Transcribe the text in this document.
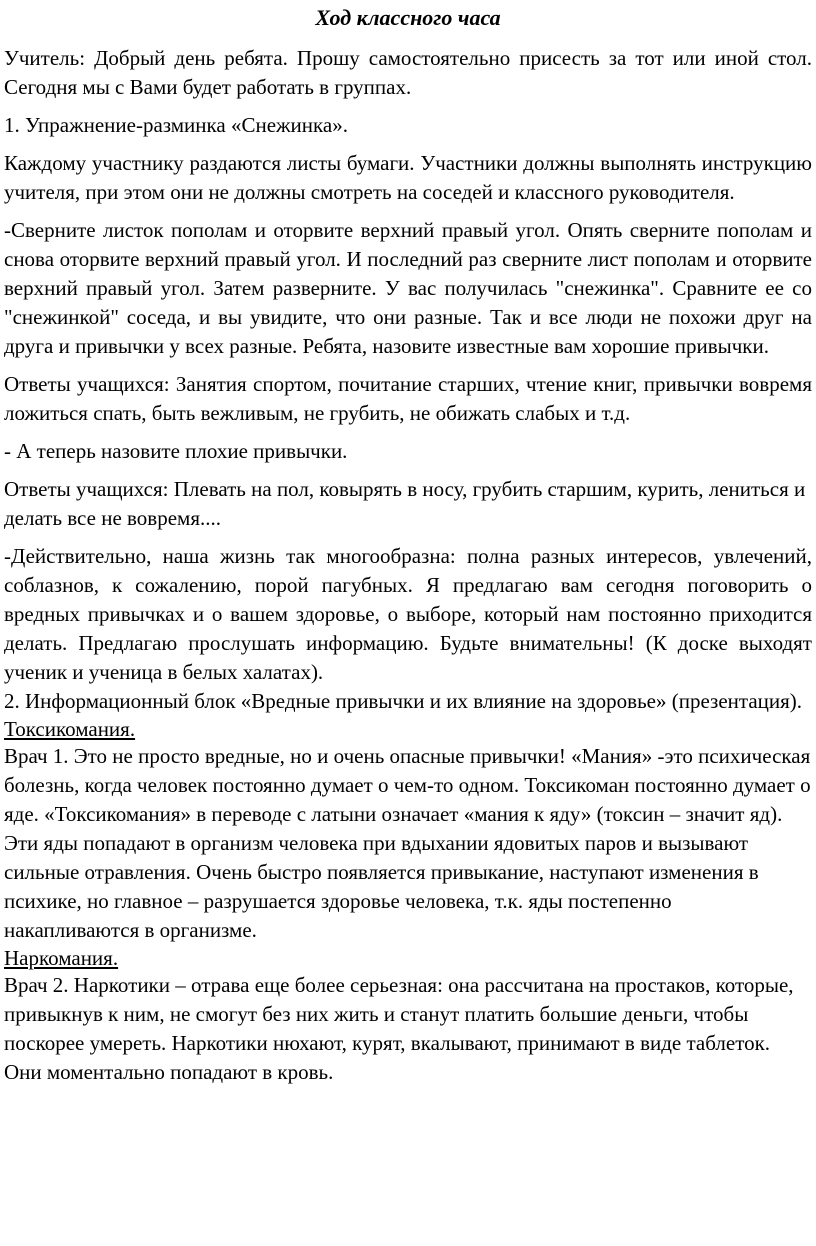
Ход классного часа

Учитель: Добрый день ребята. Прошу самостоятельно присесть за тот или иной стол. Сегодня мы с Вами будет работать в группах.

1. Упражнение-разминка «Снежинка».

Каждому участнику раздаются листы бумаги. Участники должны выполнять инструкцию учителя, при этом они не должны смотреть на соседей и классного руководителя.

-Сверните листок пополам и оторвите верхний правый угол. Опять сверните пополам и снова оторвите верхний правый угол. И последний раз сверните лист пополам и оторвите верхний правый угол. Затем разверните. У вас получилась "снежинка". Сравните ее со "снежинкой" соседа, и вы увидите, что они разные. Так и все люди не похожи друг на друга и привычки у всех разные. Ребята, назовите известные вам хорошие привычки.

Ответы учащихся: Занятия спортом, почитание старших, чтение книг, привычки вовремя ложиться спать, быть вежливым, не грубить, не обижать слабых и т.д.

- А теперь назовите плохие привычки.

Ответы учащихся: Плевать на пол, ковырять в носу, грубить старшим, курить, лениться и делать все не вовремя....

-Действительно, наша жизнь так многообразна: полна разных интересов, увлечений, соблазнов, к сожалению, порой пагубных. Я предлагаю вам сегодня поговорить о вредных привычках и о вашем здоровье, о выборе, который нам постоянно приходится делать. Предлагаю прослушать информацию. Будьте внимательны! (К доске выходят ученик и ученица в белых халатах).

2. Информационный блок «Вредные привычки и их влияние на здоровье» (презентация).

Токсикомания.

Врач 1. Это не просто вредные, но и очень опасные привычки! «Мания» -это психическая болезнь, когда человек постоянно думает о чем-то одном. Токсикоман постоянно думает о яде. «Токсикомания» в переводе с латыни означает «мания к яду» (токсин – значит яд). Эти яды попадают в организм человека при вдыхании ядовитых паров и вызывают сильные отравления. Очень быстро появляется привыкание, наступают изменения в психике, но главное – разрушается здоровье человека, т.к. яды постепенно накапливаются в организме.

Наркомания.

Врач 2. Наркотики – отрава еще более серьезная: она рассчитана на простаков, которые, привыкнув к ним, не смогут без них жить и станут платить большие деньги, чтобы поскорее умереть. Наркотики нюхают, курят, вкалывают, принимают в виде таблеток. Они моментально попадают в кровь.
